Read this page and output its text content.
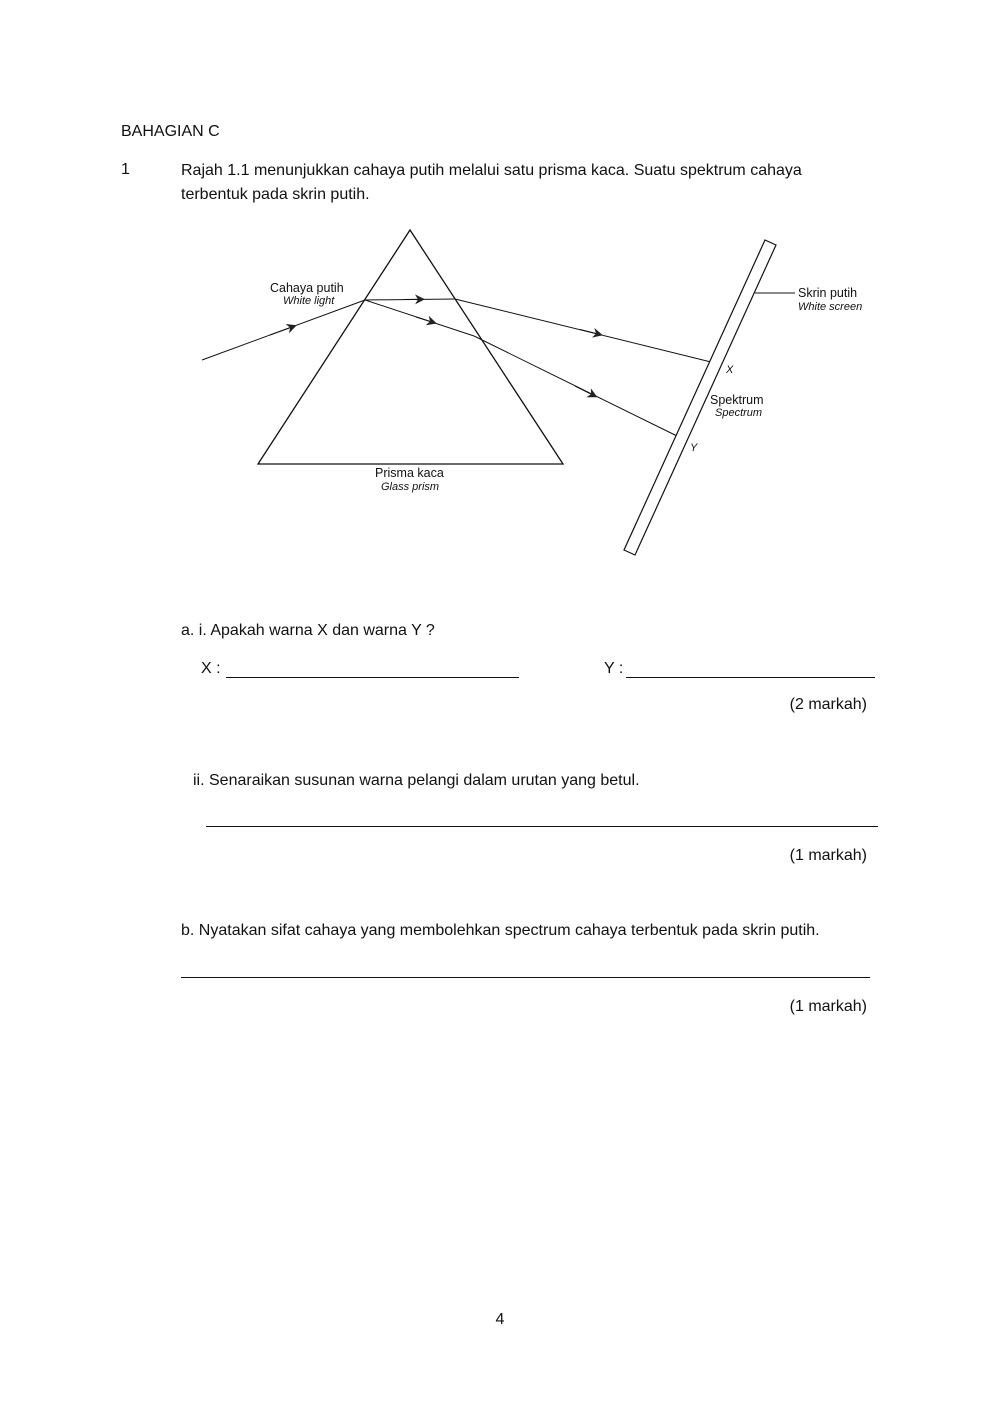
BAHAGIAN C
1	Rajah 1.1 menunjukkan cahaya putih melalui satu prisma kaca. Suatu spektrum cahaya terbentuk pada skrin putih.
Cahaya putih
White light
Skrin putih
White screen
X
Spektrum
Spectrum
Y
Prisma kaca
Glass prism
a. i. Apakah warna X dan warna Y ?
X :	Y :
(2 markah)
ii. Senaraikan susunan warna pelangi dalam urutan yang betul.
(1 markah)
b. Nyatakan sifat cahaya yang membolehkan spectrum cahaya terbentuk pada skrin putih.
(1 markah)
4
